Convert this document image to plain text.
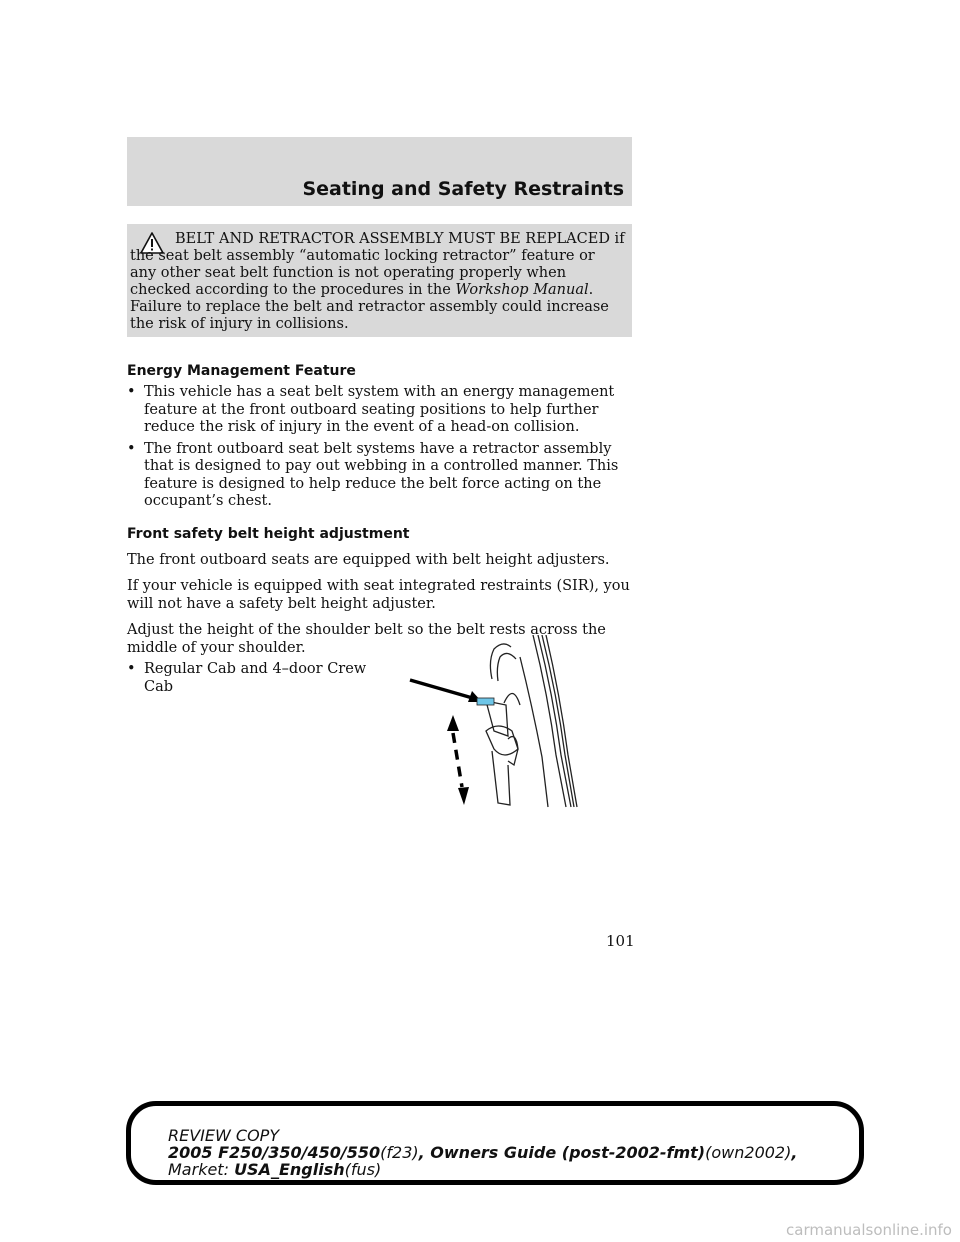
Seating and Safety Restraints

BELT AND RETRACTOR ASSEMBLY MUST BE REPLACED if the seat belt assembly “automatic locking retractor” feature or any other seat belt function is not operating properly when checked according to the procedures in the Workshop Manual. Failure to replace the belt and retractor assembly could increase the risk of injury in collisions.

Energy Management Feature
• This vehicle has a seat belt system with an energy management feature at the front outboard seating positions to help further reduce the risk of injury in the event of a head-on collision.
• The front outboard seat belt systems have a retractor assembly that is designed to pay out webbing in a controlled manner. This feature is designed to help reduce the belt force acting on the occupant’s chest.
Front safety belt height adjustment

The front outboard seats are equipped with belt height adjusters.

If your vehicle is equipped with seat integrated restraints (SIR), you will not have a safety belt height adjuster.

Adjust the height of the shoulder belt so the belt rests across the middle of your shoulder.

• Regular Cab and 4–door Crew Cab
101
REVIEW COPY
2005 F250/350/450/550(f23), Owners Guide (post-2002-fmt)(own2002),
Market: USA_English(fus)
carmanualsonline.info
